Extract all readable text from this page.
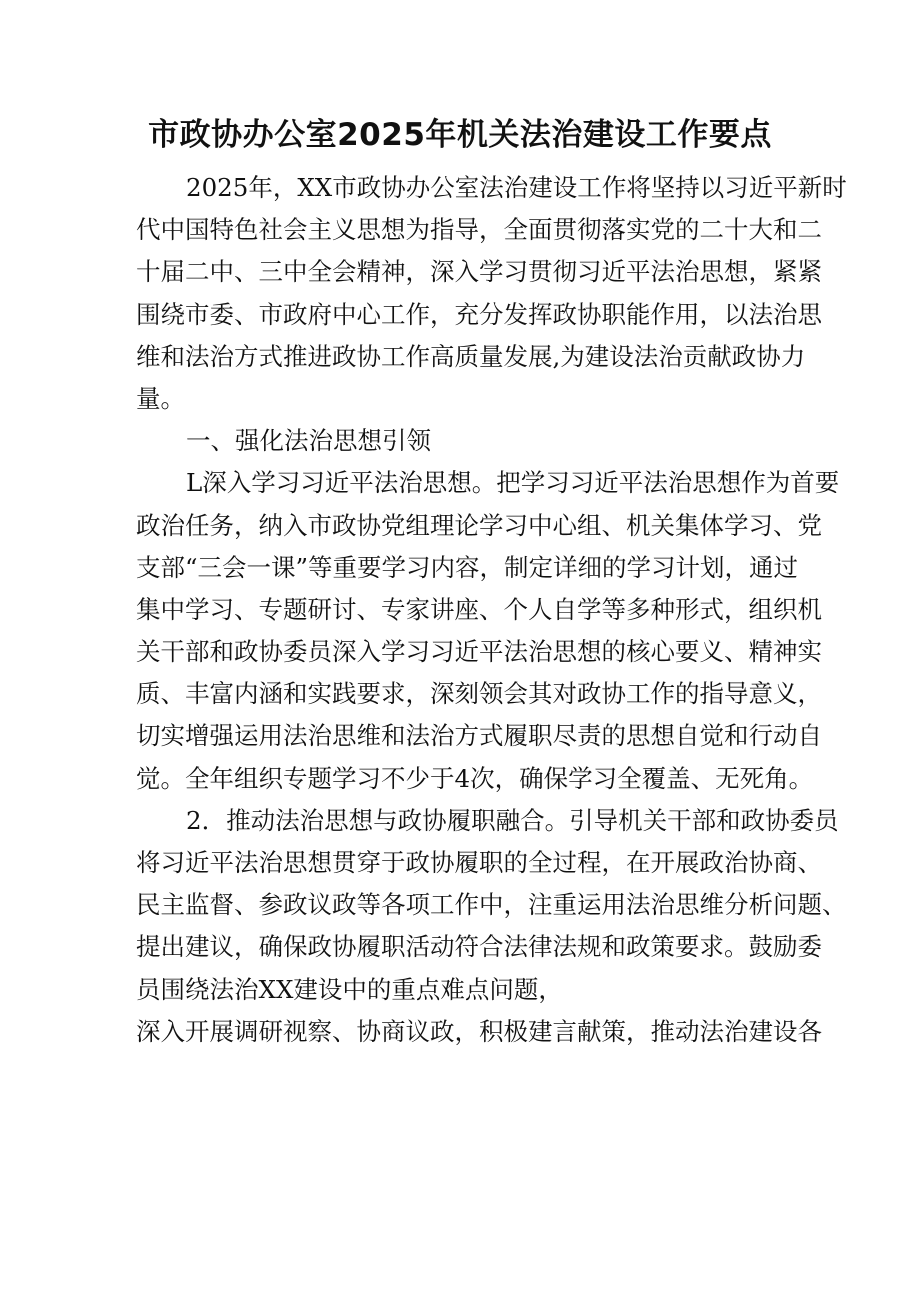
市政协办公室2025年机关法治建设工作要点
2025年，XX市政协办公室法治建设工作将坚持以习近平新时
代中国特色社会主义思想为指导，全面贯彻落实党的二十大和二
十届二中、三中全会精神，深入学习贯彻习近平法治思想，紧紧
围绕市委、市政府中心工作，充分发挥政协职能作用，以法治思
维和法治方式推进政协工作高质量发展,为建设法治贡献政协力
量。
一、强化法治思想引领
L深入学习习近平法治思想。把学习习近平法治思想作为首要
政治任务，纳入市政协党组理论学习中心组、机关集体学习、党
支部“三会一课”等重要学习内容，制定详细的学习计划，通过
集中学习、专题研讨、专家讲座、个人自学等多种形式，组织机
关干部和政协委员深入学习习近平法治思想的核心要义、精神实
质、丰富内涵和实践要求，深刻领会其对政协工作的指导意义，
切实增强运用法治思维和法治方式履职尽责的思想自觉和行动自
觉。全年组织专题学习不少于4次，确保学习全覆盖、无死角。
2．推动法治思想与政协履职融合。引导机关干部和政协委员
将习近平法治思想贯穿于政协履职的全过程，在开展政治协商、
民主监督、参政议政等各项工作中，注重运用法治思维分析问题、
提出建议，确保政协履职活动符合法律法规和政策要求。鼓励委
员围绕法治XX建设中的重点难点问题，
深入开展调研视察、协商议政，积极建言献策，推动法治建设各
